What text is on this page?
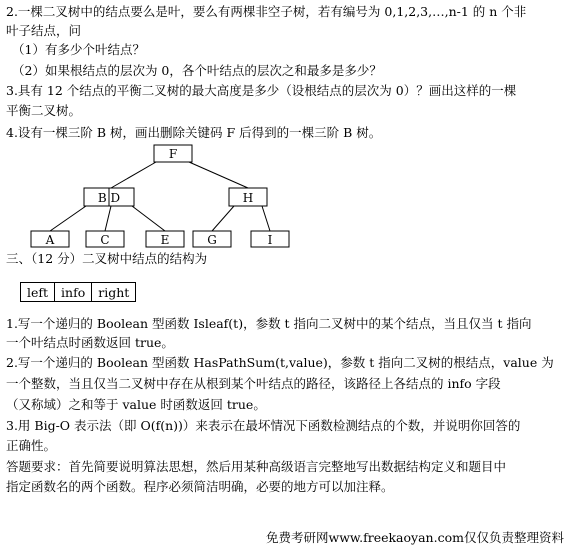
2.一棵二叉树中的结点要么是叶，要么有两棵非空子树，若有编号为 0,1,2,3,…,n-1 的 n 个非
叶子结点，问
（1）有多少个叶结点？
（2）如果根结点的层次为 0，各个叶结点的层次之和最多是多少？
3.具有 12 个结点的平衡二叉树的最大高度是多少（设根结点的层次为 0）？画出这样的一棵
平衡二叉树。
4.设有一棵三阶 B 树，画出删除关键码 F 后得到的一棵三阶 B 树。
F
B D	H
A	C	E	G	I
三、（12 分）二叉树中结点的结构为
left	info	right
1.写一个递归的 Boolean 型函数 Isleaf(t)，参数 t 指向二叉树中的某个结点，当且仅当 t 指向
一个叶结点时函数返回 true。
2.写一个递归的 Boolean 型函数 HasPathSum(t,value)，参数 t 指向二叉树的根结点，value 为
一个整数，当且仅当二叉树中存在从根到某个叶结点的路径，该路径上各结点的 info 字段
（又称域）之和等于 value 时函数返回 true。
3.用 Big-O 表示法（即 O(f(n))）来表示在最坏情况下函数检测结点的个数，并说明你回答的
正确性。
答题要求：首先简要说明算法思想，然后用某种高级语言完整地写出数据结构定义和题目中
指定函数名的两个函数。程序必须简洁明确，必要的地方可以加注释。
免费考研网www.freekaoyan.com仅仅负责整理资料
